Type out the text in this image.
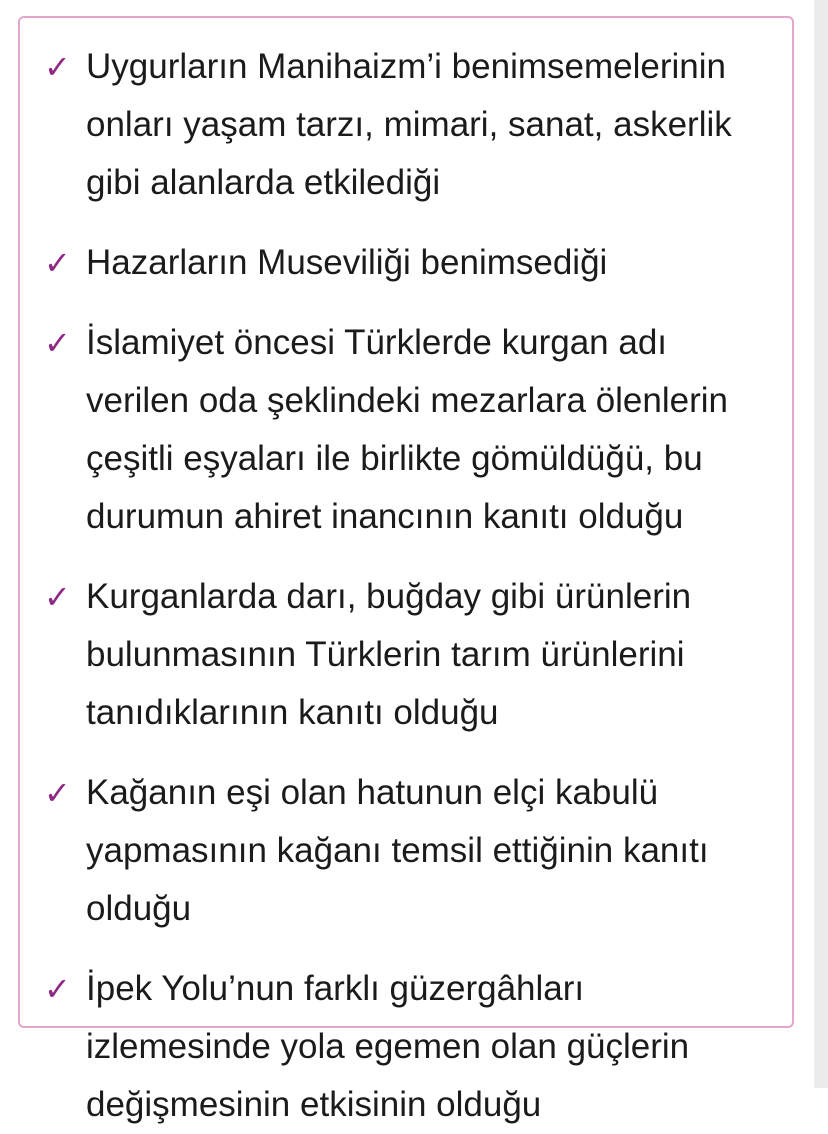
✓ Uygurların Manihaizm’i benimsemelerinin onları yaşam tarzı, mimari, sanat, askerlik gibi alanlarda etkilediği
✓ Hazarların Museviliği benimsediği
✓ İslamiyet öncesi Türklerde kurgan adı verilen oda şeklindeki mezarlara ölenlerin çeşitli eşyaları ile birlikte gömüldüğü, bu durumun ahiret inancının kanıtı olduğu
✓ Kurganlarda darı, buğday gibi ürünlerin bulunmasının Türklerin tarım ürünlerini tanıdıklarının kanıtı olduğu
✓ Kağanın eşi olan hatunun elçi kabulü yapmasının kağanı temsil ettiğinin kanıtı olduğu
✓ İpek Yolu’nun farklı güzergâhları izlemesinde yola egemen olan güçlerin değişmesinin etkisinin olduğu
